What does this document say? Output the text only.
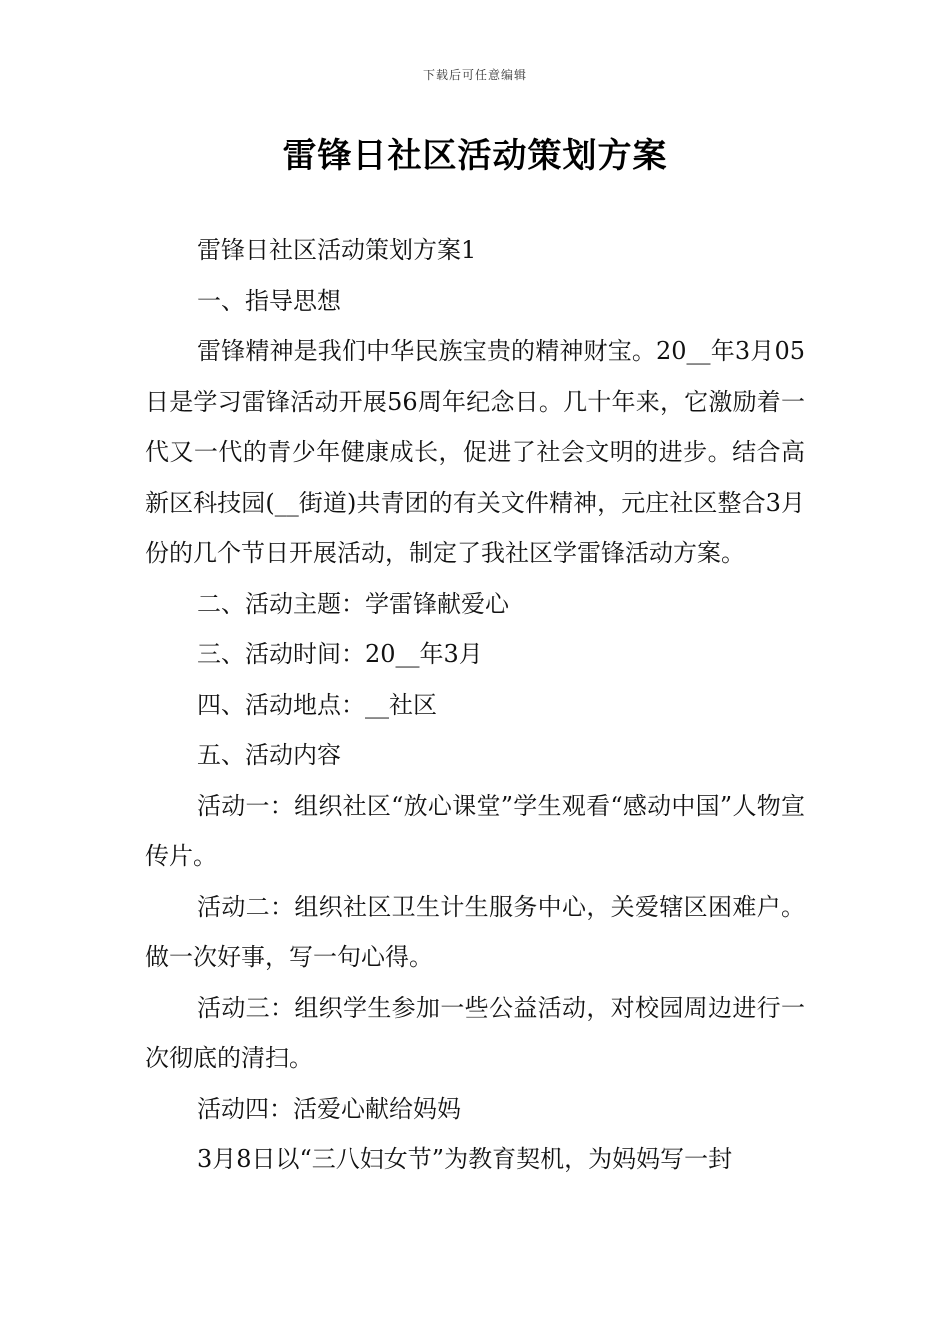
下载后可任意编辑
雷锋日社区活动策划方案

雷锋日社区活动策划方案1

一、指导思想

雷锋精神是我们中华民族宝贵的精神财宝。20__年3月05日是学习雷锋活动开展56周年纪念日。几十年来，它激励着一代又一代的青少年健康成长，促进了社会文明的进步。结合高新区科技园(__街道)共青团的有关文件精神，元庄社区整合3月份的几个节日开展活动，制定了我社区学雷锋活动方案。

二、活动主题：学雷锋献爱心

三、活动时间：20__年3月

四、活动地点：__社区

五、活动内容

活动一：组织社区“放心课堂”学生观看“感动中国”人物宣传片。

活动二：组织社区卫生计生服务中心，关爱辖区困难户。做一次好事，写一句心得。

活动三：组织学生参加一些公益活动，对校园周边进行一次彻底的清扫。

活动四：活爱心献给妈妈

3月8日以“三八妇女节”为教育契机，为妈妈写一封
